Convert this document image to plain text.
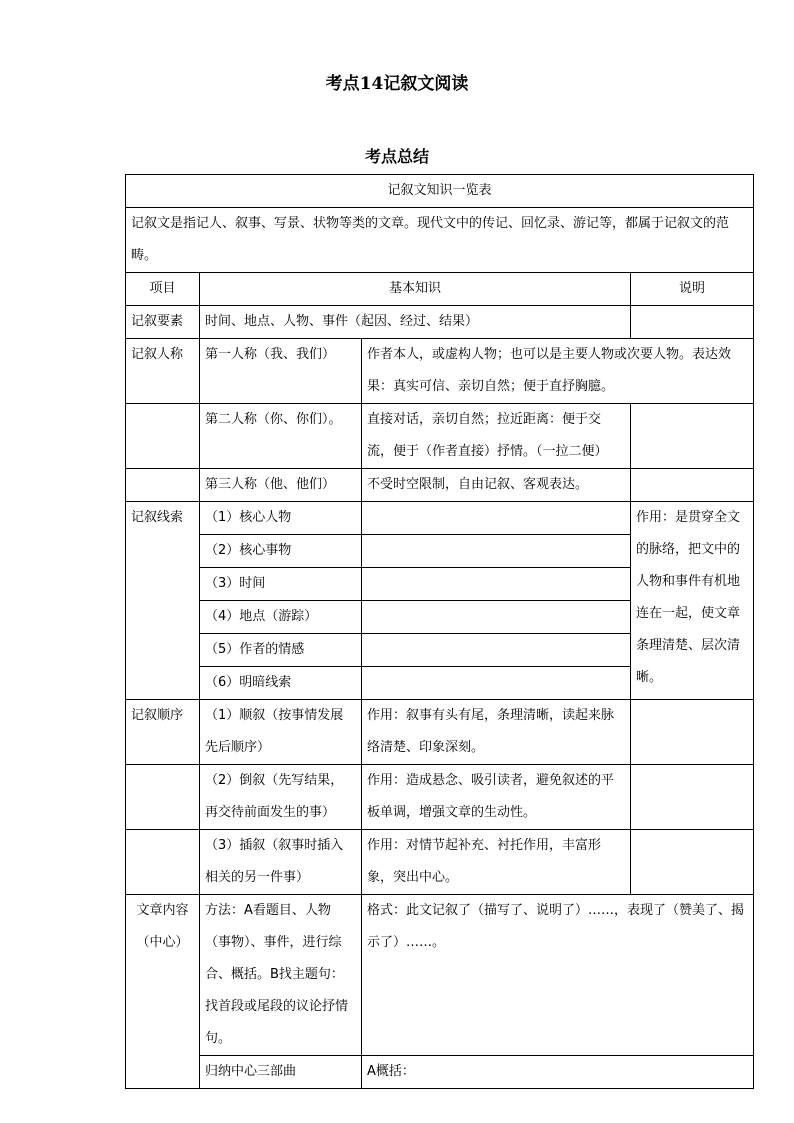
考点14记叙文阅读
考点总结
记叙文知识一览表			
记叙文是指记人、叙事、写景、状物等类的文章。现代文中的传记、回忆录、游记等，都属于记叙文的范畴。			
项目	基本知识		说明
记叙要素	时间、地点、人物、事件（起因、经过、结果）		
记叙人称	第一人称（我、我们）	作者本人，或虚构人物；也可以是主要人物或次要人物。表达效果：真实可信、亲切自然；便于直抒胸臆。	
	第二人称（你、你们）。	直接对话，亲切自然；拉近距离：便于交流，便于（作者直接）抒情。（一拉二便）	
	第三人称（他、他们）	不受时空限制，自由记叙、客观表达。	
记叙线索	（1）核心人物		作用：是贯穿全文的脉络，把文中的人物和事件有机地连在一起，使文章条理清楚、层次清晰。
	（2）核心事物		
	（3）时间		
	（4）地点（游踪）		
	（5）作者的情感		
	（6）明暗线索		
记叙顺序	（1）顺叙（按事情发展先后顺序）	作用：叙事有头有尾，条理清晰，读起来脉络清楚、印象深刻。	
	（2）倒叙（先写结果，再交待前面发生的事）	作用：造成悬念、吸引读者，避免叙述的平板单调，增强文章的生动性。	
	（3）插叙（叙事时插入相关的另一件事）	作用：对情节起补充、衬托作用，丰富形象，突出中心。	
文章内容（中心）	方法：A看题目、人物（事物）、事件，进行综合、概括。B找主题句：找首段或尾段的议论抒情句。	格式：此文记叙了（描写了、说明了）……，表现了（赞美了、揭示了）……。	
	归纳中心三部曲	A概括：	
